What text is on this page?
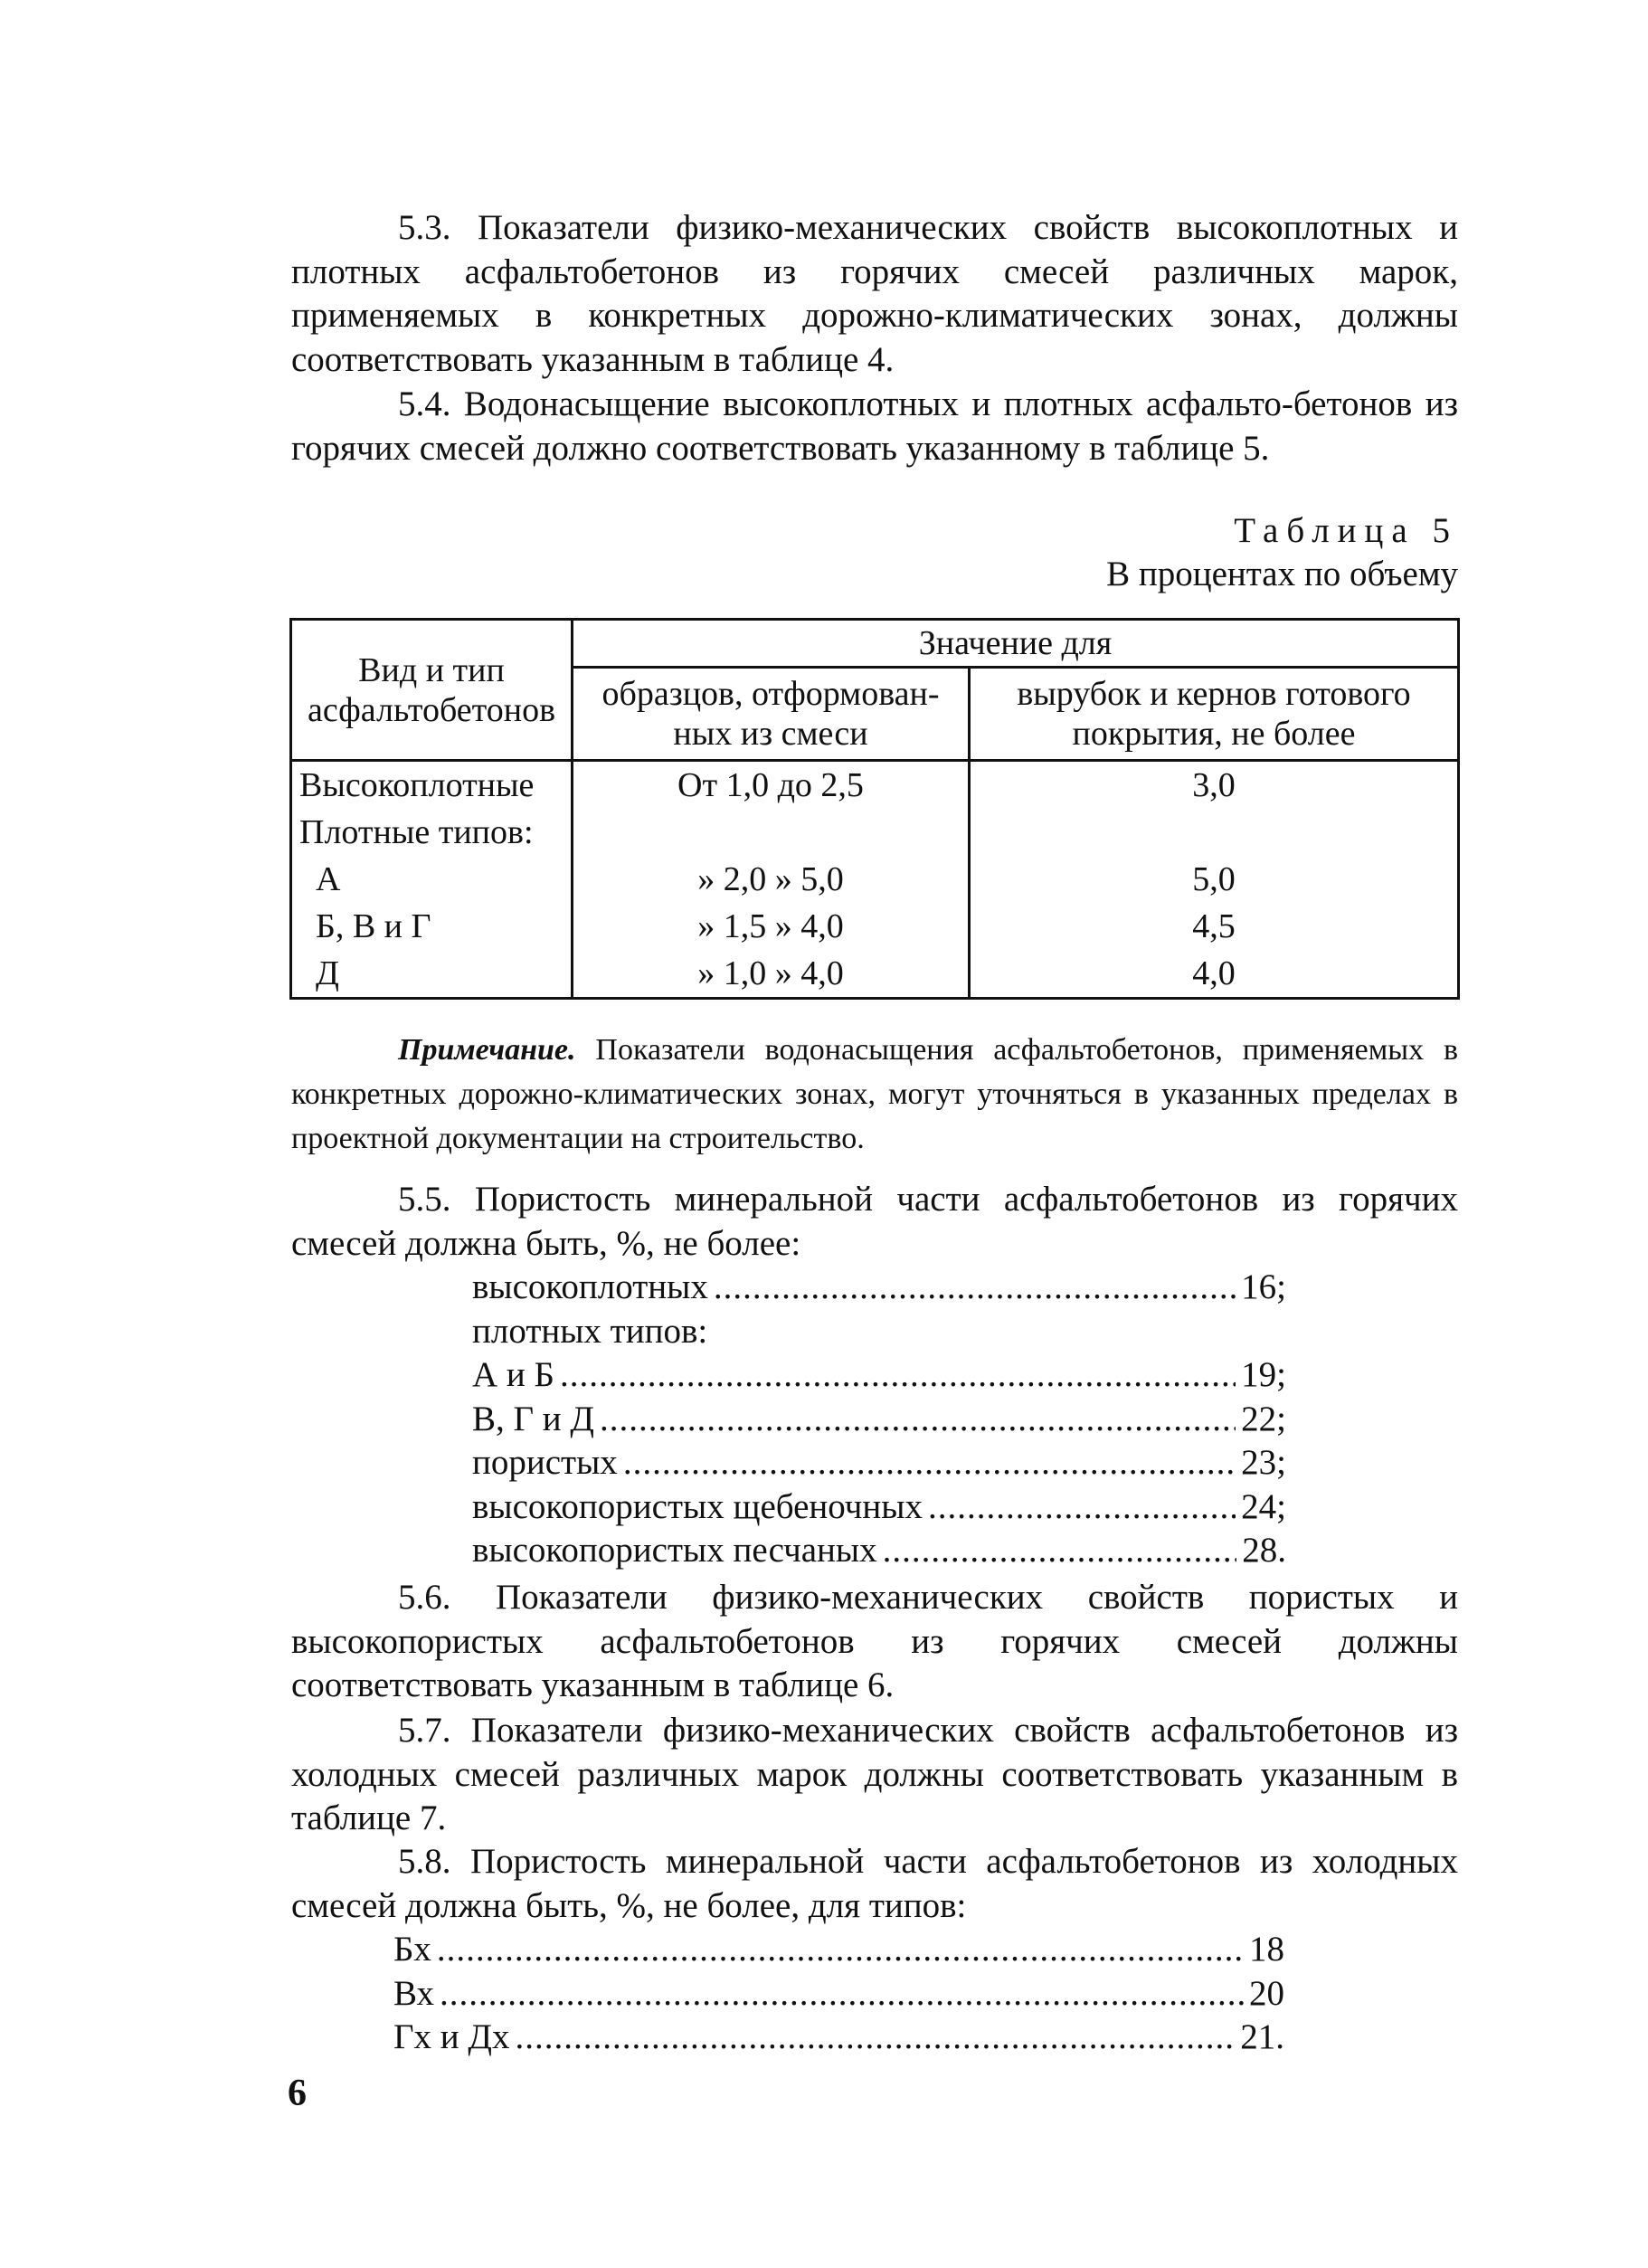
5.3. Показатели физико-механических свойств высокоплотных и плотных асфальтобетонов из горячих смесей различных марок, применяемых в конкретных дорожно-климатических зонах, должны соответствовать указанным в таблице 4.

5.4. Водонасыщение высокоплотных и плотных асфальто-бетонов из горячих смесей должно соответствовать указанному в таблице 5.

Таблица 5
В процентах по объему
Вид и тип асфальтобетонов	Значение для	
	образцов, отформован-ных из смеси	вырубок и кернов готового покрытия, не более
Высокоплотные	От 1,0 до 2,5	3,0
Плотные типов:		
А	» 2,0 » 5,0	5,0
Б, В и Г	» 1,5 » 4,0	4,5
Д	» 1,0 » 4,0	4,0

Примечание. Показатели водонасыщения асфальтобетонов, применяемых в конкретных дорожно-климатических зонах, могут уточняться в указанных пределах в проектной документации на строительство.

5.5. Пористость минеральной части асфальтобетонов из горячих смесей должна быть, %, не более:

высокоплотных .....	16;
плотных типов:
А и Б .....	19;
В, Г и Д .....	22;
пористых .....	23;
высокопористых щебеночных .....	24;
высокопористых песчаных .....	28.

5.6. Показатели физико-механических свойств пористых и высокопористых асфальтобетонов из горячих смесей должны соответствовать указанным в таблице 6.

5.7. Показатели физико-механических свойств асфальтобетонов из холодных смесей различных марок должны соответствовать указанным в таблице 7.

5.8. Пористость минеральной части асфальтобетонов из холодных смесей должна быть, %, не более, для типов:

Бх .....	18
Вх .....	20
Гх и Дх .....	21.
6
